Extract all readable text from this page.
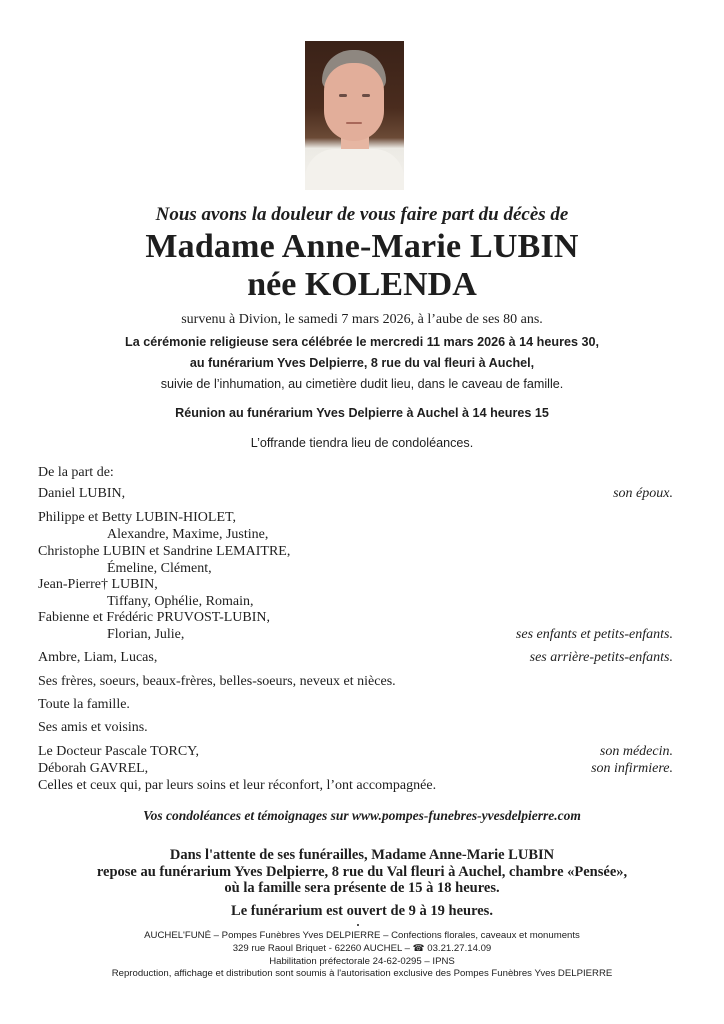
Nous avons la douleur de vous faire part du décès de
Madame Anne-Marie LUBIN
née KOLENDA
survenu à Divion, le samedi 7 mars 2026, à l’aube de ses 80 ans.
La cérémonie religieuse sera célébrée le mercredi 11 mars 2026 à 14 heures 30,
au funérarium Yves Delpierre, 8 rue du val fleuri à Auchel,
suivie de l’inhumation, au cimetière dudit lieu, dans le caveau de famille.
Réunion au funérarium Yves Delpierre à Auchel à 14 heures 15
L’offrande tiendra lieu de condoléances.
De la part de:
Daniel LUBIN,	son époux.
Philippe et Betty LUBIN-HIOLET,
Alexandre, Maxime, Justine,
Christophe LUBIN et Sandrine LEMAITRE,
Émeline, Clément,
Jean-Pierre† LUBIN,
Tiffany, Ophélie, Romain,
Fabienne et Frédéric PRUVOST-LUBIN,
Florian, Julie,	ses enfants et petits-enfants.
Ambre, Liam, Lucas,	ses arrière-petits-enfants.
Ses frères, soeurs, beaux-frères, belles-soeurs, neveux et nièces.
Toute la famille.
Ses amis et voisins.
Le Docteur Pascale TORCY,	son médecin.
Déborah GAVREL,	son infirmiere.
Celles et ceux qui, par leurs soins et leur réconfort, l’ont accompagnée.
Vos condoléances et témoignages sur www.pompes-funebres-yvesdelpierre.com
Dans l'attente de ses funérailles, Madame Anne-Marie LUBIN
repose au funérarium Yves Delpierre, 8 rue du Val fleuri à Auchel, chambre «Pensée»,
où la famille sera présente de 15 à 18 heures.
Le funérarium est ouvert de 9 à 19 heures.
AUCHEL'FUNÉ – Pompes Funèbres Yves DELPIERRE – Confections florales, caveaux et monuments
329 rue Raoul Briquet - 62260 AUCHEL – ☎ 03.21.27.14.09
Habilitation préfectorale 24-62-0295 – IPNS
Reproduction, affichage et distribution sont soumis à l'autorisation exclusive des Pompes Funèbres Yves DELPIERRE
